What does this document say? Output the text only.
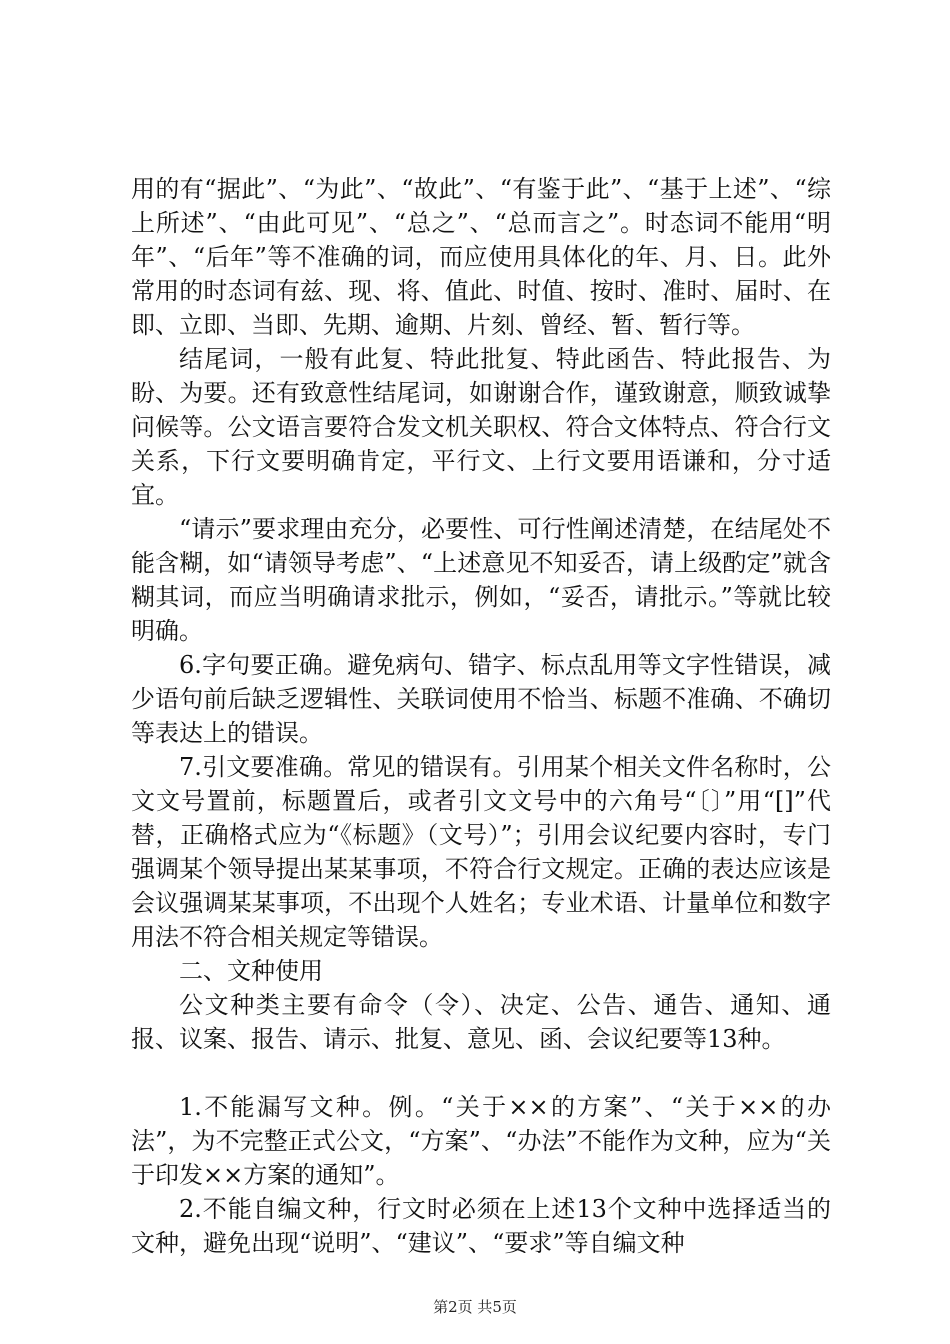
用的有“据此”、“为此”、“故此”、“有鉴于此”、“基于上述”、“综上所述”、“由此可见”、“总之”、“总而言之”。时态词不能用“明年”、“后年”等不准确的词，而应使用具体化的年、月、日。此外常用的时态词有兹、现、将、值此、时值、按时、准时、届时、在即、立即、当即、先期、逾期、片刻、曾经、暂、暂行等。

结尾词，一般有此复、特此批复、特此函告、特此报告、为盼、为要。还有致意性结尾词，如谢谢合作，谨致谢意，顺致诚挚问候等。公文语言要符合发文机关职权、符合文体特点、符合行文关系，下行文要明确肯定，平行文、上行文要用语谦和，分寸适宜。

“请示”要求理由充分，必要性、可行性阐述清楚，在结尾处不能含糊，如“请领导考虑”、“上述意见不知妥否，请上级酌定”就含糊其词，而应当明确请求批示，例如，“妥否，请批示。”等就比较明确。

6.字句要正确。避免病句、错字、标点乱用等文字性错误，减少语句前后缺乏逻辑性、关联词使用不恰当、标题不准确、不确切等表达上的错误。

7.引文要准确。常见的错误有。引用某个相关文件名称时，公文文号置前，标题置后，或者引文文号中的六角号“〔〕”用“[]”代替，正确格式应为“《标题》（文号）”；引用会议纪要内容时，专门强调某个领导提出某某事项，不符合行文规定。正确的表达应该是会议强调某某事项，不出现个人姓名；专业术语、计量单位和数字用法不符合相关规定等错误。

二、文种使用

公文种类主要有命令（令）、决定、公告、通告、通知、通报、议案、报告、请示、批复、意见、函、会议纪要等13种。

1.不能漏写文种。例。“关于××的方案”、“关于××的办法”，为不完整正式公文，“方案”、“办法”不能作为文种，应为“关于印发××方案的通知”。

2.不能自编文种，行文时必须在上述13个文种中选择适当的文种，避免出现“说明”、“建议”、“要求”等自编文种

第2页 共5页
